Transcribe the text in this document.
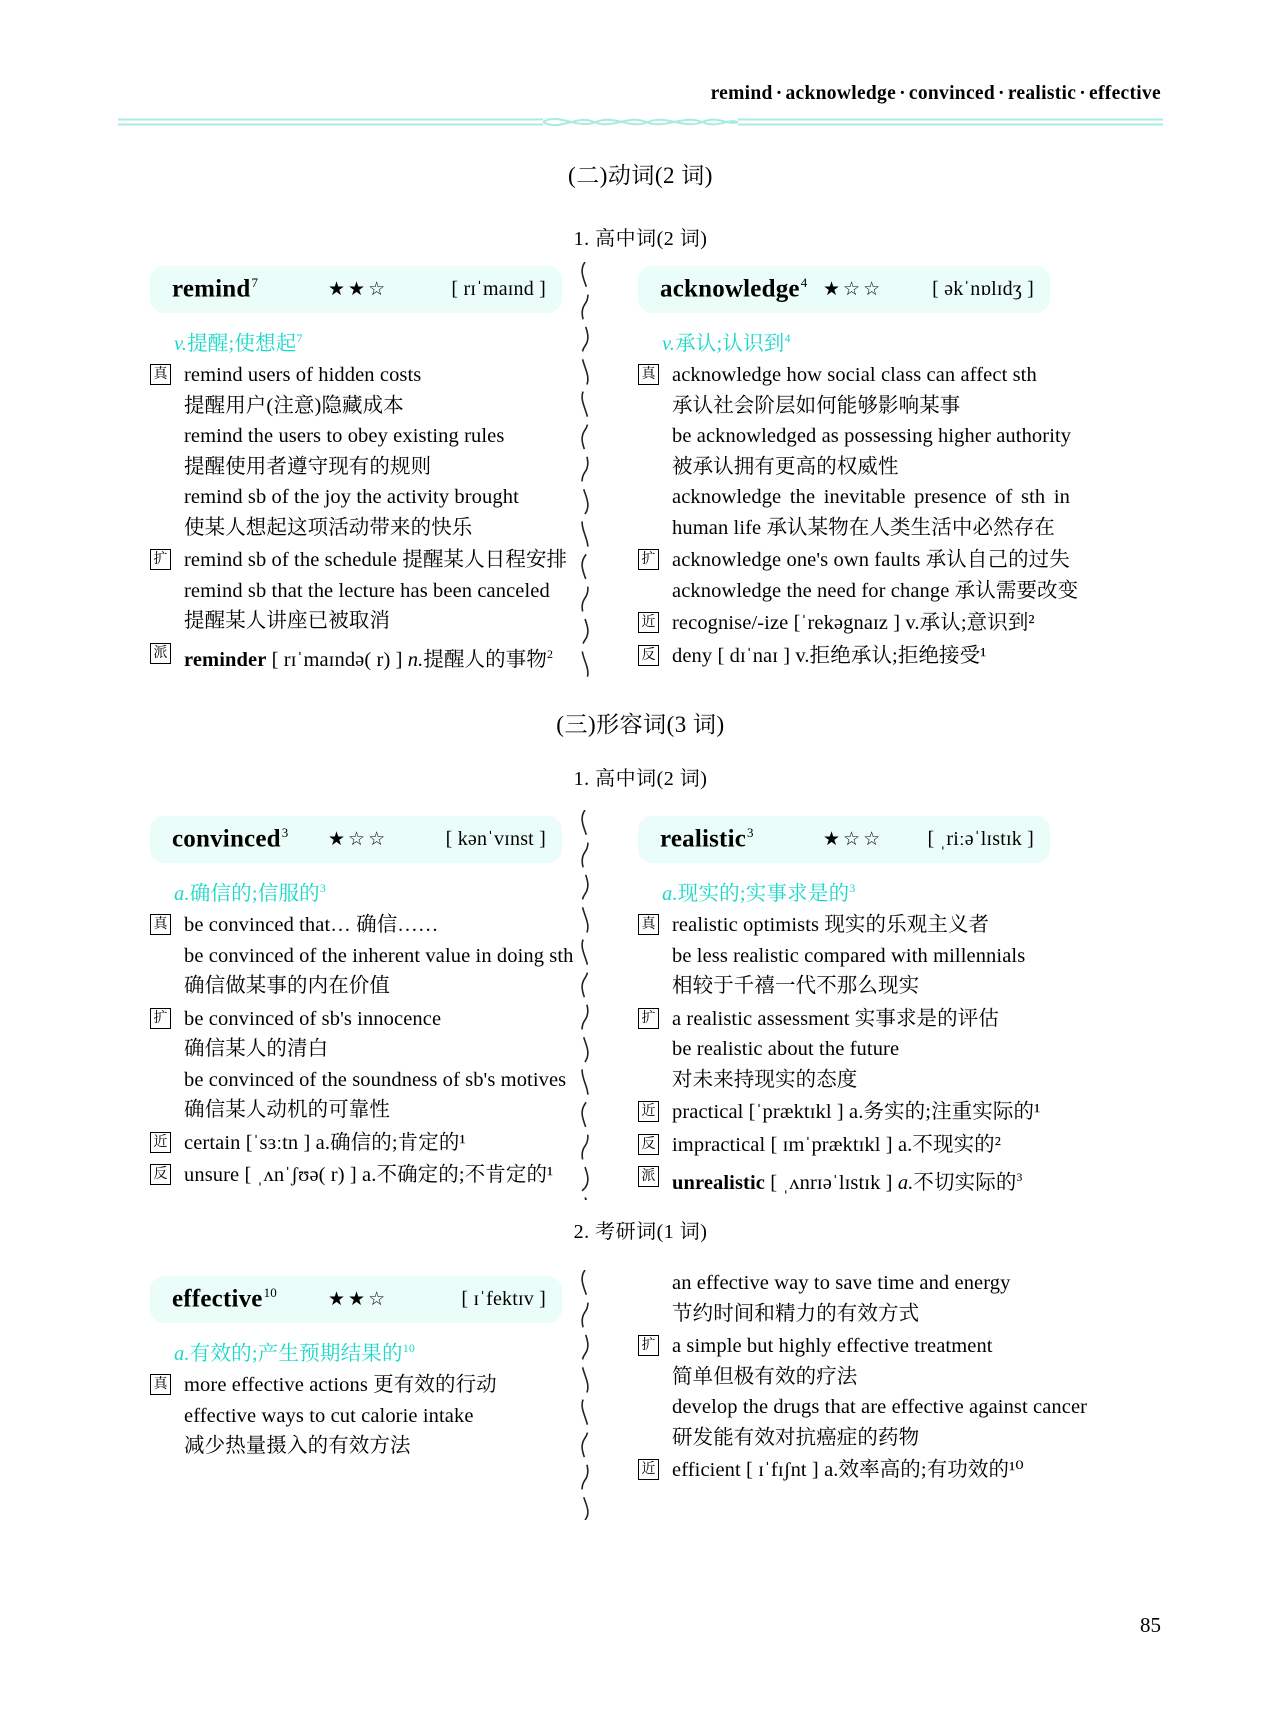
remind · acknowledge · convinced · realistic · effective
(二)动词(2 词)
1. 高中词(2 词)
remind$^7$	★★☆	[ rɪˈmaɪnd ]
v.提醒;使想起$^7$
真 remind users of hidden costs
提醒用户(注意)隐藏成本
remind the users to obey existing rules
提醒使用者遵守现有的规则
remind sb of the joy the activity brought
使某人想起这项活动带来的快乐
扩 remind sb of the schedule 提醒某人日程安排
remind sb that the lecture has been canceled
提醒某人讲座已被取消
派 reminder [ rɪˈmaɪndə( r) ] n.提醒人的事物$^2$
acknowledge$^4$ ★☆☆ [ əkˈnɒlɪdʒ ]
v.承认;认识到$^4$
真 acknowledge how social class can affect sth
承认社会阶层如何能够影响某事
be acknowledged as possessing higher authority
被承认拥有更高的权威性
acknowledge the inevitable presence of sth in
human life 承认某物在人类生活中必然存在
扩 acknowledge one's own faults 承认自己的过失
acknowledge the need for change 承认需要改变
近 recognise/-ize [ˈrekəgnaɪz ] v.承认;意识到²
反 deny [ dɪˈnaɪ ] v.拒绝承认;拒绝接受¹
(三)形容词(3 词)
1. 高中词(2 词)
convinced$^3$ ★☆☆	[ kənˈvɪnst ]
a.确信的;信服的$^3$
真 be convinced that… 确信……
be convinced of the inherent value in doing sth
确信做某事的内在价值
扩 be convinced of sb's innocence
确信某人的清白
be convinced of the soundness of sb's motives
确信某人动机的可靠性
近 certain [ˈsɜːtn ] a.确信的;肯定的¹
反 unsure [ ˌʌnˈʃʊə( r) ] a.不确定的;不肯定的¹
realistic$^3$	★☆☆ [ ˌriːəˈlɪstɪk ]
a.现实的;实事求是的$^3$
真 realistic optimists 现实的乐观主义者
be less realistic compared with millennials
相较于千禧一代不那么现实
扩 a realistic assessment 实事求是的评估
be realistic about the future
对未来持现实的态度
近 practical [ˈpræktɪkl ] a.务实的;注重实际的¹
反 impractical [ ɪmˈpræktɪkl ] a.不现实的²
派 unrealistic [ ˌʌnrɪəˈlɪstɪk ] a.不切实际的$^3$
2. 考研词(1 词)
effective$^{10}$	★★☆	[ ɪˈfektɪv ]
a.有效的;产生预期结果的$^{10}$
真 more effective actions 更有效的行动
effective ways to cut calorie intake
减少热量摄入的有效方法
an effective way to save time and energy
节约时间和精力的有效方式
扩 a simple but highly effective treatment
简单但极有效的疗法
develop the drugs that are effective against cancer
研发能有效对抗癌症的药物
近 efficient [ ɪˈfɪʃnt ] a.效率高的;有功效的¹⁰
85
